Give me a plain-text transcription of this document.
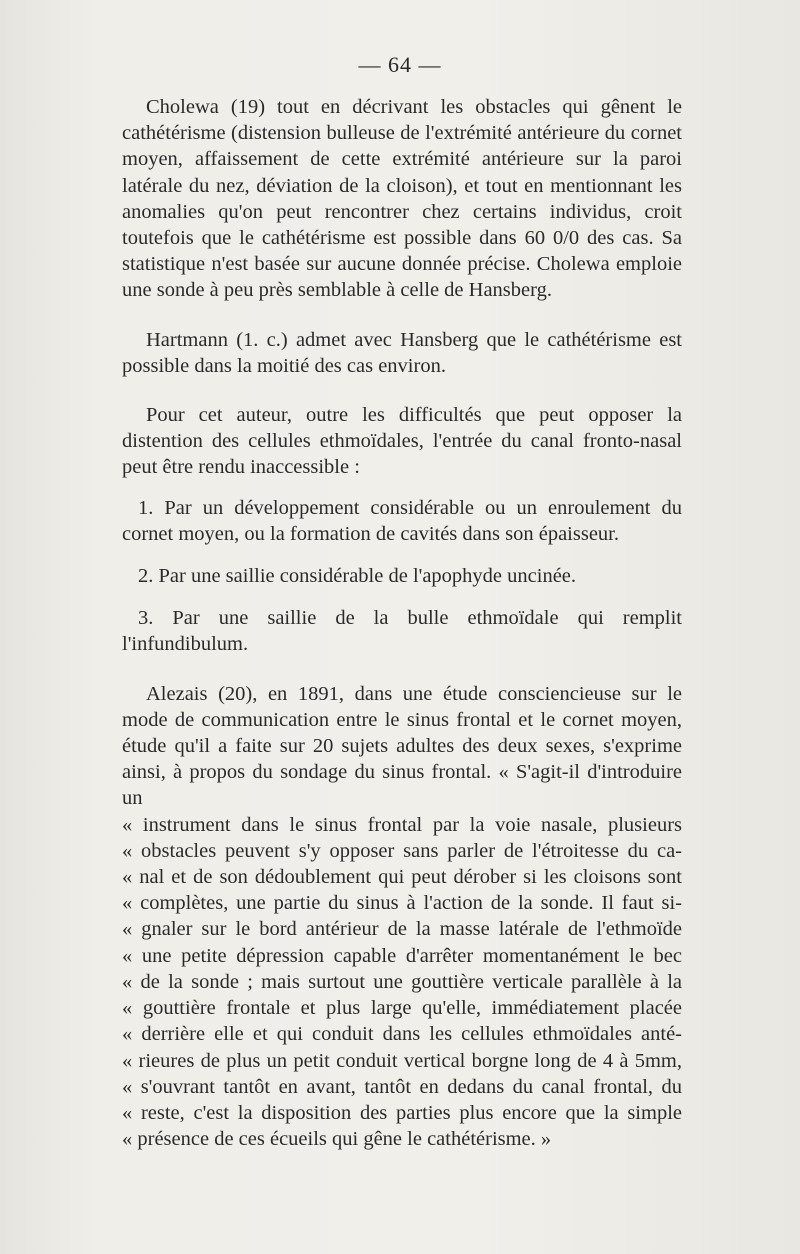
— 64 —

Cholewa (19) tout en décrivant les obstacles qui gênent le cathétérisme (distension bulleuse de l'extrémité antérieure du cornet moyen, affaissement de cette extrémité antérieure sur la paroi latérale du nez, déviation de la cloison), et tout en mentionnant les anomalies qu'on peut rencontrer chez certains individus, croit toutefois que le cathétérisme est possible dans 60 0/0 des cas. Sa statistique n'est basée sur aucune donnée précise. Cholewa emploie une sonde à peu près semblable à celle de Hansberg.

Hartmann (1. c.) admet avec Hansberg que le cathétérisme est possible dans la moitié des cas environ.

Pour cet auteur, outre les difficultés que peut opposer la distention des cellules ethmoïdales, l'entrée du canal fronto-nasal peut être rendu inaccessible :

1. Par un développement considérable ou un enroulement du cornet moyen, ou la formation de cavités dans son épaisseur.

2. Par une saillie considérable de l'apophyde uncinée.

3. Par une saillie de la bulle ethmoïdale qui remplit l'infundibulum.

Alezais (20), en 1891, dans une étude consciencieuse sur le mode de communication entre le sinus frontal et le cornet moyen, étude qu'il a faite sur 20 sujets adultes des deux sexes, s'exprime ainsi, à propos du sondage du sinus frontal. « S'agit-il d'introduire un
« instrument dans le sinus frontal par la voie nasale, plusieurs
« obstacles peuvent s'y opposer sans parler de l'étroitesse du ca-
« nal et de son dédoublement qui peut dérober si les cloisons sont
« complètes, une partie du sinus à l'action de la sonde. Il faut si-
« gnaler sur le bord antérieur de la masse latérale de l'ethmoïde
« une petite dépression capable d'arrêter momentanément le bec
« de la sonde ; mais surtout une gouttière verticale parallèle à la
« gouttière frontale et plus large qu'elle, immédiatement placée
« derrière elle et qui conduit dans les cellules ethmoïdales anté-
« rieures de plus un petit conduit vertical borgne long de 4 à 5mm,
« s'ouvrant tantôt en avant, tantôt en dedans du canal frontal, du
« reste, c'est la disposition des parties plus encore que la simple
« présence de ces écueils qui gêne le cathétérisme. »
